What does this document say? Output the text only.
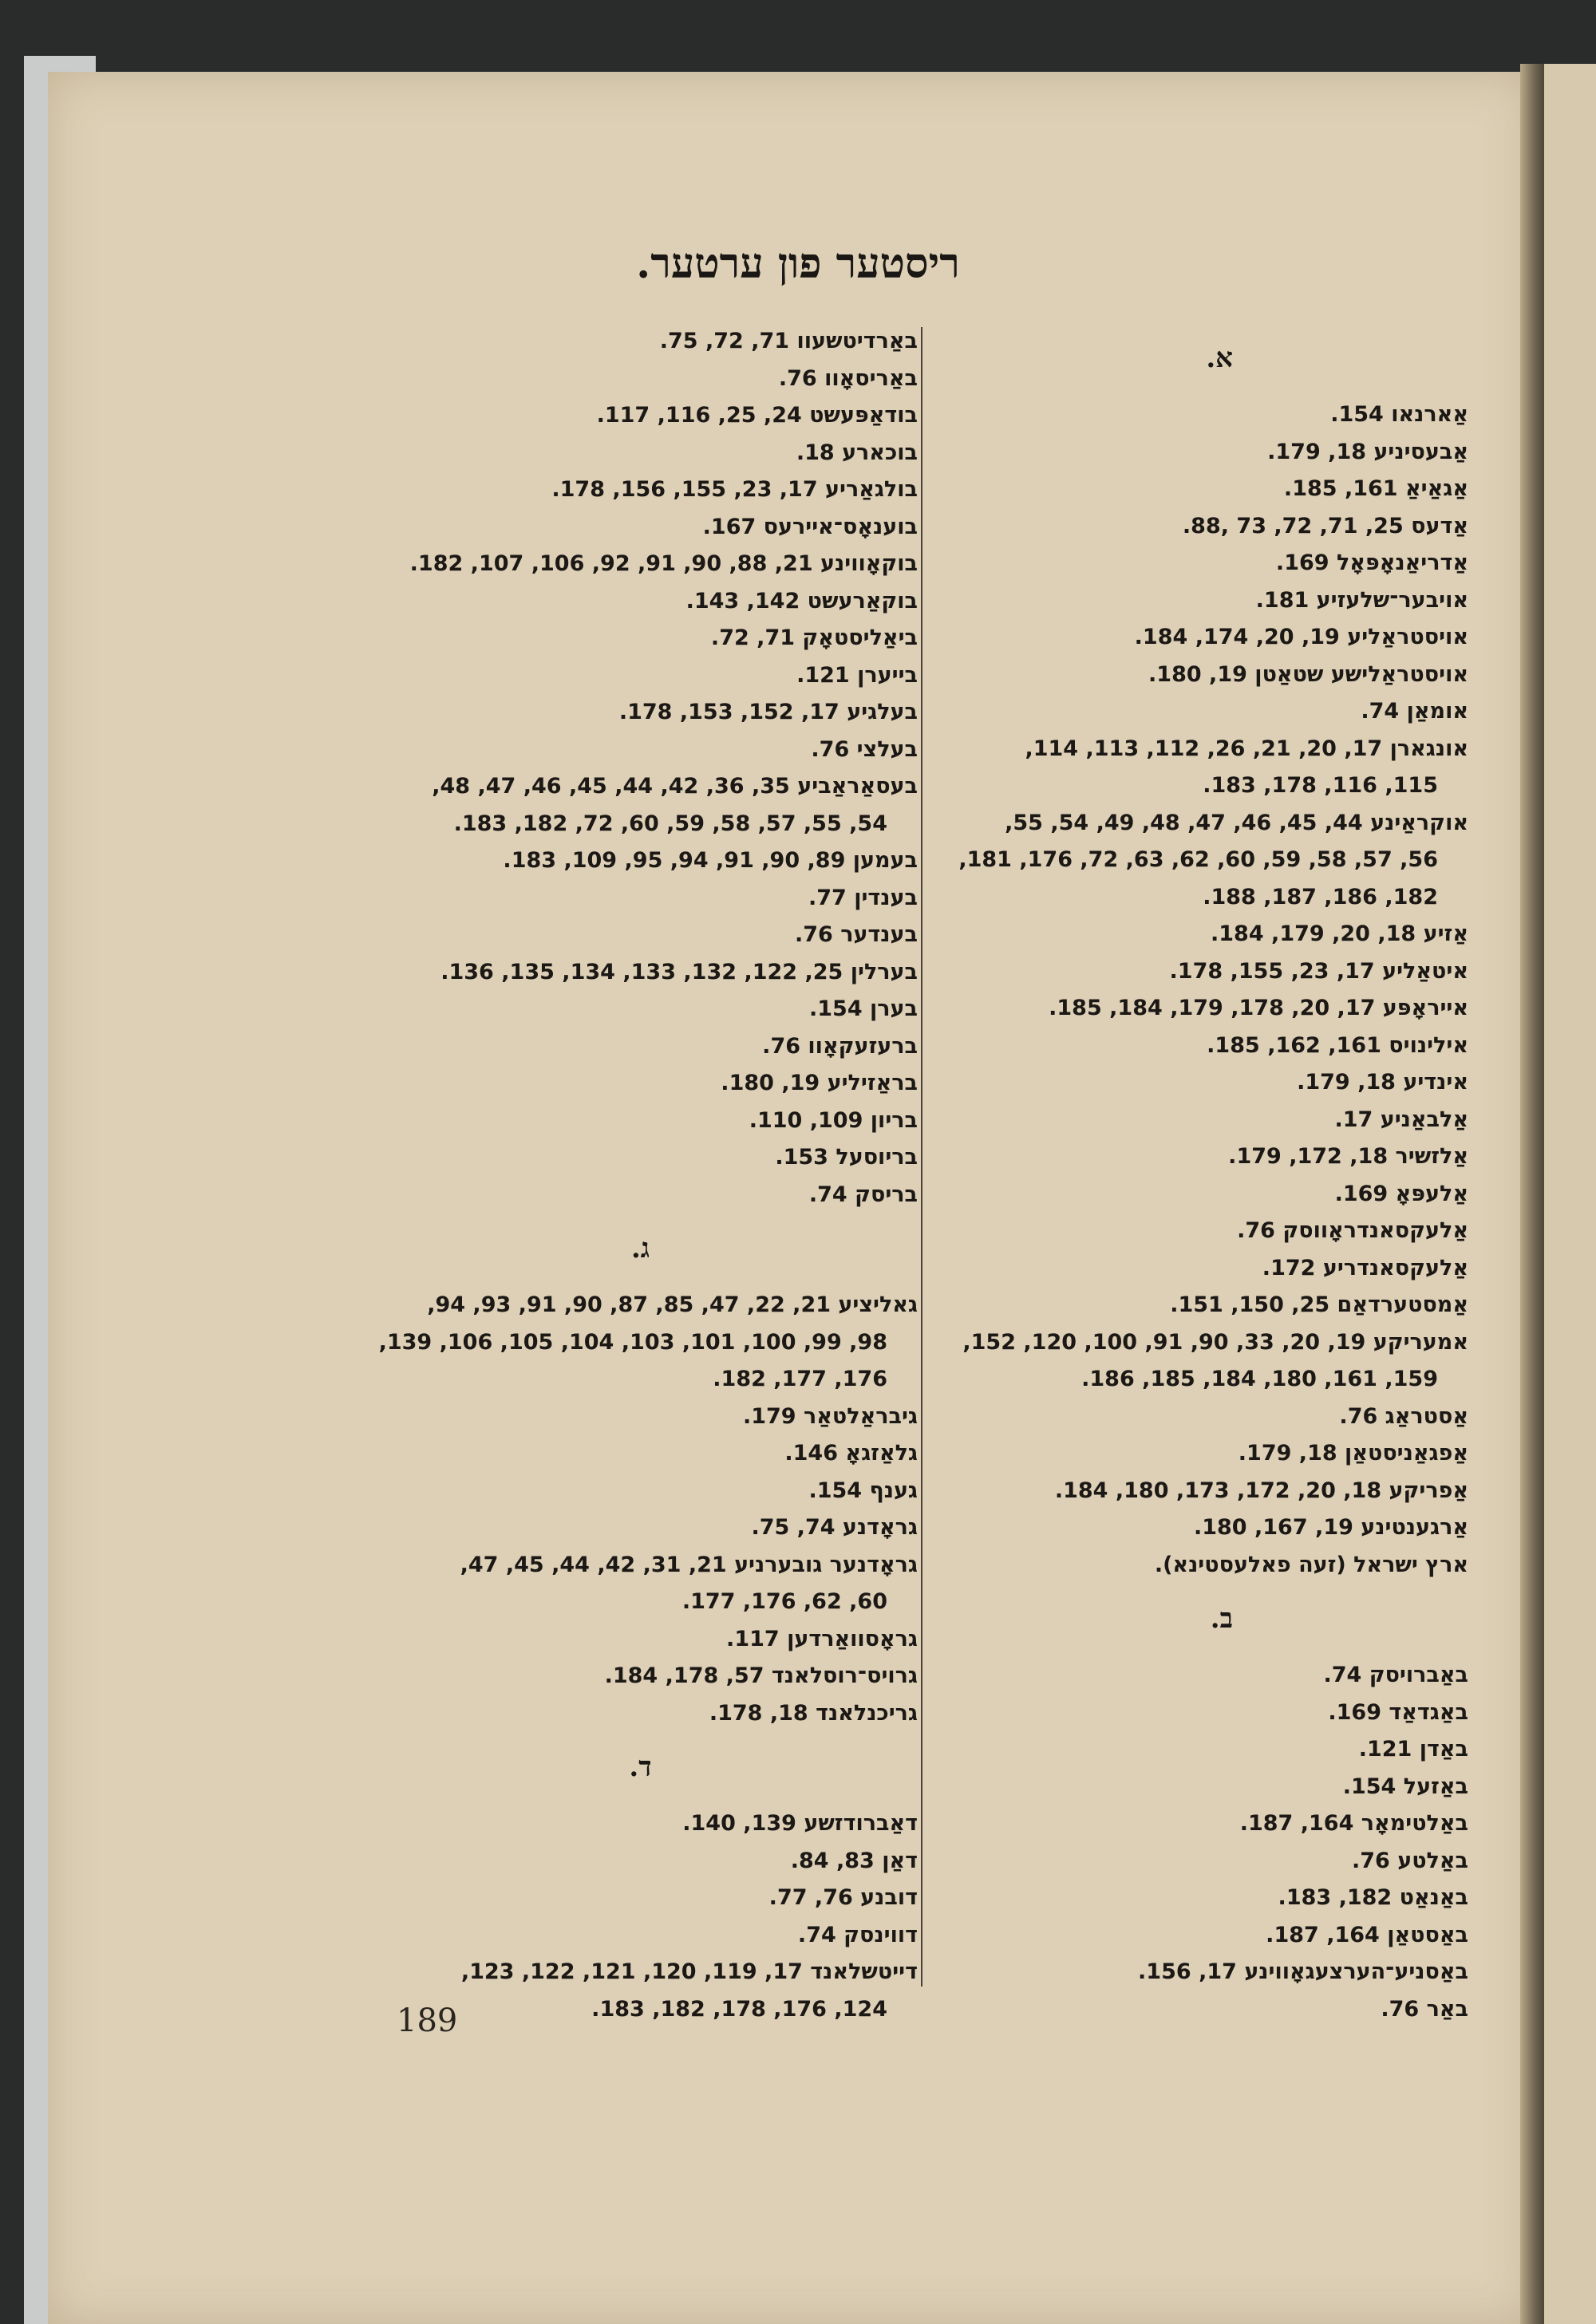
ריסטער פון ערטער.
א.
אַארנאו 154.
אַבעסיניע 18, 179.
אַגאַיאַ 161, 185.
אַדעס 25, 71, 72, 73 ,88.
אַדריאַנאָפּאָל 169.
אויבער־שלעזיע 181.
אויסטראַליע 19, 20, 174, 184.
אויסטראַלישע שטאַטן 19, 180.
אומאַן 74.
אונגארן 17, 20, 21, 26, 112, 113, 114,
115, 116, 178, 183.
אוקראַינע 44, 45, 46, 47, 48, 49, 54, 55,
56, 57, 58, 59, 60, 62, 63, 72, 176, 181,
182, 186, 187, 188.
אַזיע 18, 20, 179, 184.
איטאַליע 17, 23, 155, 178.
אייראָפּע 17, 20, 178, 179, 184, 185.
אילינויס 161, 162, 185.
אינדיע 18, 179.
אַלבאַניע 17.
אַלזשיר 18, 172, 179.
אַלעפּאָ 169.
אַלעקסאנדראָווסק 76.
אַלעקסאנדריע 172.
אַמסטערדאַם 25, 150, 151.
אמעריקע 19, 20, 33, 90, 91, 100, 120, 152,
159, 161, 180, 184, 185, 186.
אַסטראַג 76.
אַפגאַניסטאַן 18, 179.
אַפריקע 18, 20, 172, 173, 180, 184.
אַרגענטינע 19, 167, 180.
ארץ ישראל (זעה פאלעסטינא).
ב.
באַברויסק 74.
באַגדאַד 169.
באַדן 121.
באַזעל 154.
באַלטימאָר 164, 187.
באַלטע 76.
באַנאַט 182, 183.
באַסטאַן 164, 187.
באַסניע־הערצעגאָווינע 17, 156.
באַר 76.
באַרדיטשעוו 71, 72, 75.
באַריסאָוו 76.
בודאַפּעשט 24, 25, 116, 117.
בוכארע 18.
בולגאַריע 17, 23, 155, 156, 178.
בוענאָס־איירעס 167.
בוקאָווינע 21, 88, 90, 91, 92, 106, 107, 182.
בוקאַרעשט 142, 143.
ביאַליסטאָק 71, 72.
בייערן 121.
בעלגיע 17, 152, 153, 178.
בעלצי 76.
בעסאַראַביע 35, 36, 42, 44, 45, 46, 47, 48,
54, 55, 57, 58, 59, 60, 72, 182, 183.
בעמען 89, 90, 91, 94, 95, 109, 183.
בענדין 77.
בענדער 76.
בערלין 25, 122, 132, 133, 134, 135, 136.
בערן 154.
ברעזעקאָוו 76.
בראַזיליע 19, 180.
בריון 109, 110.
בריוסעל 153.
בריסק 74.
ג.
גאליציע 21, 22, 47, 85, 87, 90, 91, 93, 94,
98, 99, 100, 101, 103, 104, 105, 106, 139,
176, 177, 182.
גיבראַלטאַר 179.
גלאַזגאָ 146.
גענף 154.
גראָדנע 74, 75.
גראָדנער גובערניע 21, 31, 42, 44, 45, 47,
60, 62, 176, 177.
גראָסוואַרדען 117.
גרויס־רוסלאנד 57, 178, 184.
גריכנלאנד 18, 178.
ד.
דאַברודזשע 139, 140.
דאַן 83, 84.
דובנע 76, 77.
דווינסק 74.
דייטשלאנד 17, 119, 120, 121, 122, 123,
124, 176, 178, 182, 183.
189
